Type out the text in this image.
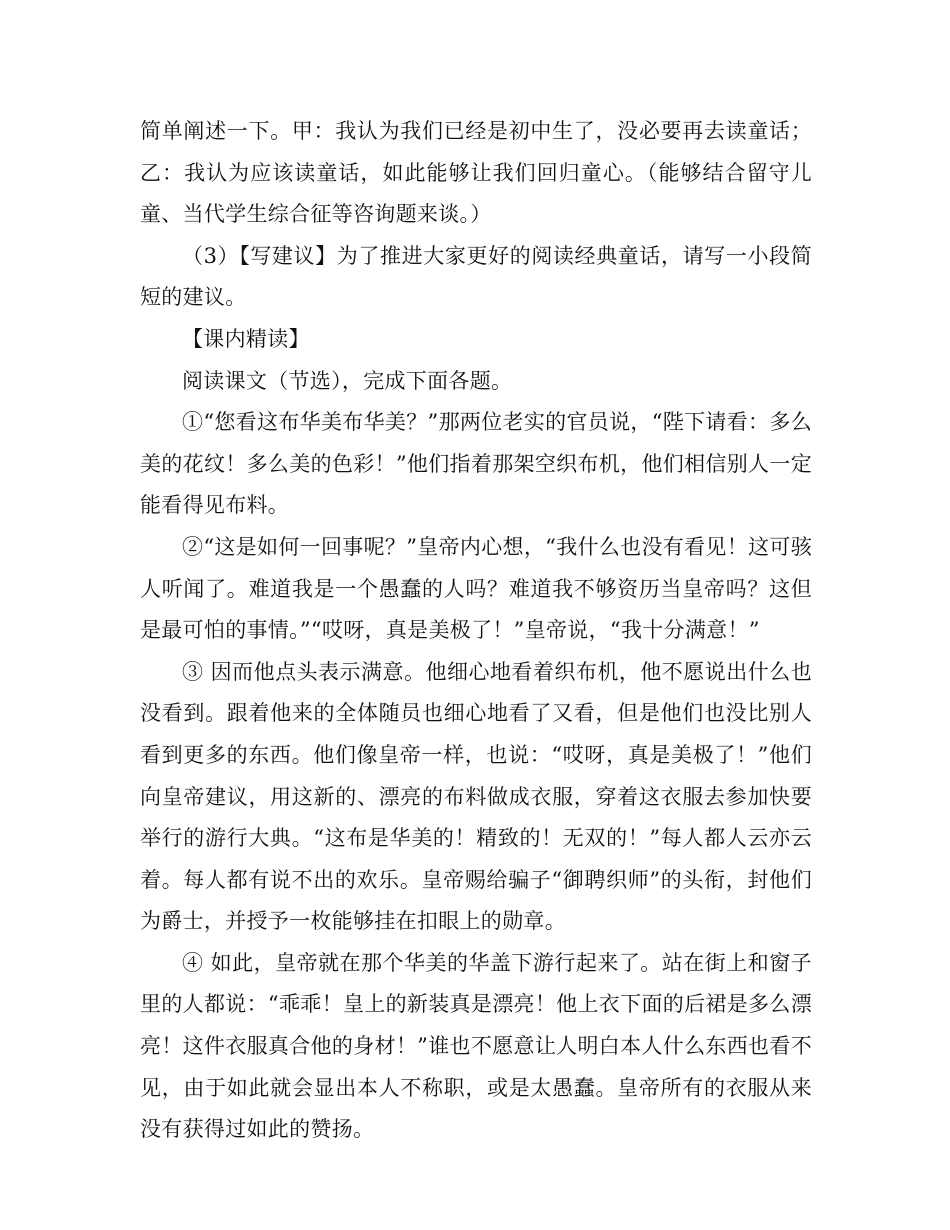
简单阐述一下。甲：我认为我们已经是初中生了，没必要再去读童话；乙：我认为应该读童话，如此能够让我们回归童心。（能够结合留守儿童、当代学生综合征等咨询题来谈。）

（3）【写建议】为了推进大家更好的阅读经典童话，请写一小段简短的建议。

【课内精读】

阅读课文（节选），完成下面各题。

①“您看这布华美布华美？”那两位老实的官员说，“陛下请看：多么美的花纹！多么美的色彩！”他们指着那架空织布机，他们相信别人一定能看得见布料。

②“这是如何一回事呢？”皇帝内心想，“我什么也没有看见！这可骇人听闻了。难道我是一个愚蠢的人吗？难道我不够资历当皇帝吗？这但是最可怕的事情。”“哎呀，真是美极了！”皇帝说，“我十分满意！”

③ 因而他点头表示满意。他细心地看着织布机，他不愿说出什么也没看到。跟着他来的全体随员也细心地看了又看，但是他们也没比别人看到更多的东西。他们像皇帝一样，也说：“哎呀，真是美极了！”他们向皇帝建议，用这新的、漂亮的布料做成衣服，穿着这衣服去参加快要举行的游行大典。“这布是华美的！精致的！无双的！”每人都人云亦云着。每人都有说不出的欢乐。皇帝赐给骗子“御聘织师”的头衔，封他们为爵士，并授予一枚能够挂在扣眼上的勋章。

④ 如此，皇帝就在那个华美的华盖下游行起来了。站在街上和窗子里的人都说：“乖乖！皇上的新装真是漂亮！他上衣下面的后裙是多么漂亮！这件衣服真合他的身材！”谁也不愿意让人明白本人什么东西也看不见，由于如此就会显出本人不称职，或是太愚蠢。皇帝所有的衣服从来没有获得过如此的赞扬。
